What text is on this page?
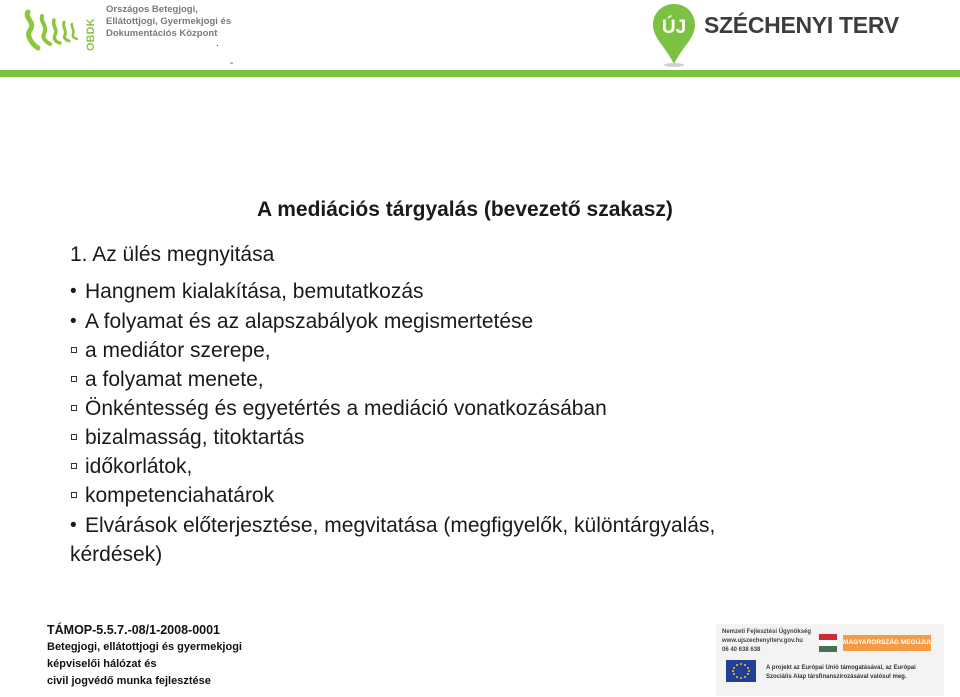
OBDK
Országos Betegjogi,
Ellátottjogi, Gyermekjogi és
Dokumentációs Központ
.
-
ÚJ SZÉCHENYI TERV
A mediációs tárgyalás (bevezető szakasz)
1. Az ülés megnyitása
•
Hangnem kialakítása, bemutatkozás
•
A folyamat és az alapszabályok megismertetése
a mediátor szerepe,
a folyamat menete,
Önkéntesség és egyetértés a mediáció vonatkozásában
bizalmasság, titoktartás
időkorlátok,
kompetenciahatárok
•
Elvárások előterjesztése, megvitatása (megfigyelők, különtárgyalás,
kérdések)
TÁMOP-5.5.7.-08/1-2008-0001
Betegjogi, ellátottjogi és gyermekjogi
képviselői hálózat és
civil jogvédő munka fejlesztése
Nemzeti Fejlesztési Ügynökség
www.ujszechenyiterv.gov.hu
06 40 638 638
MAGYARORSZÁG MEGÚJUL
A projekt az Európai Unió támogatásával, az Európai
Szociális Alap társfinanszírozásával valósul meg.
